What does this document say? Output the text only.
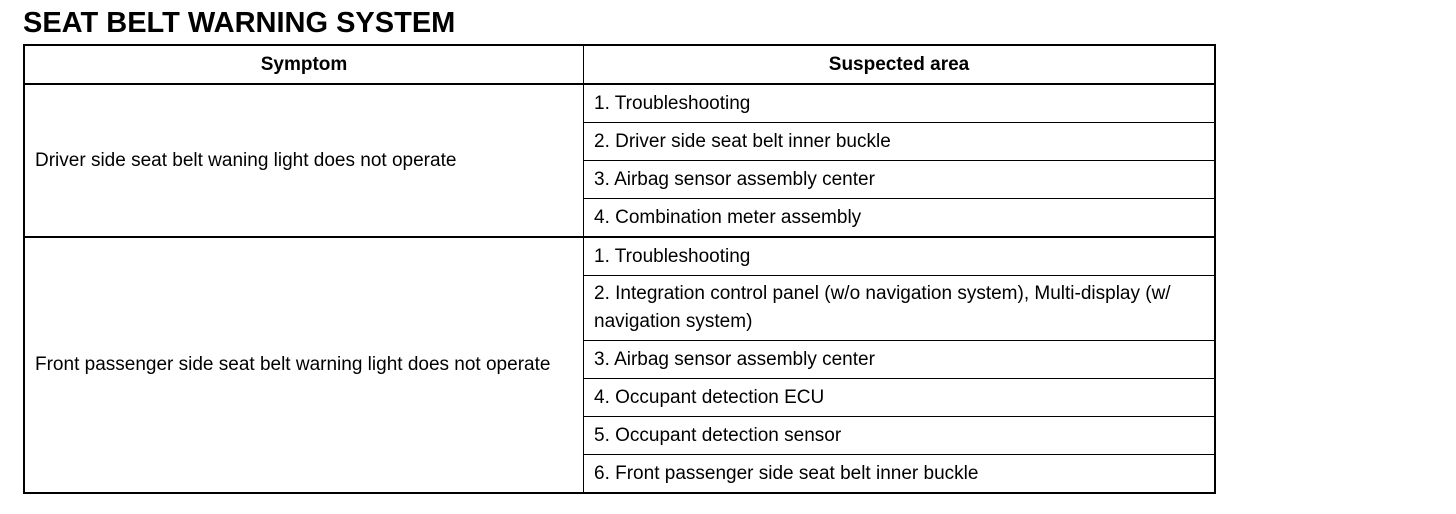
SEAT BELT WARNING SYSTEM
Symptom	Suspected area
Driver side seat belt waning light does not operate	1. Troubleshooting
	2. Driver side seat belt inner buckle
	3. Airbag sensor assembly center
	4. Combination meter assembly
Front passenger side seat belt warning light does not operate	1. Troubleshooting
	2. Integration control panel (w/o navigation system), Multi-display (w/ navigation system)
	3. Airbag sensor assembly center
	4. Occupant detection ECU
	5. Occupant detection sensor
	6. Front passenger side seat belt inner buckle
